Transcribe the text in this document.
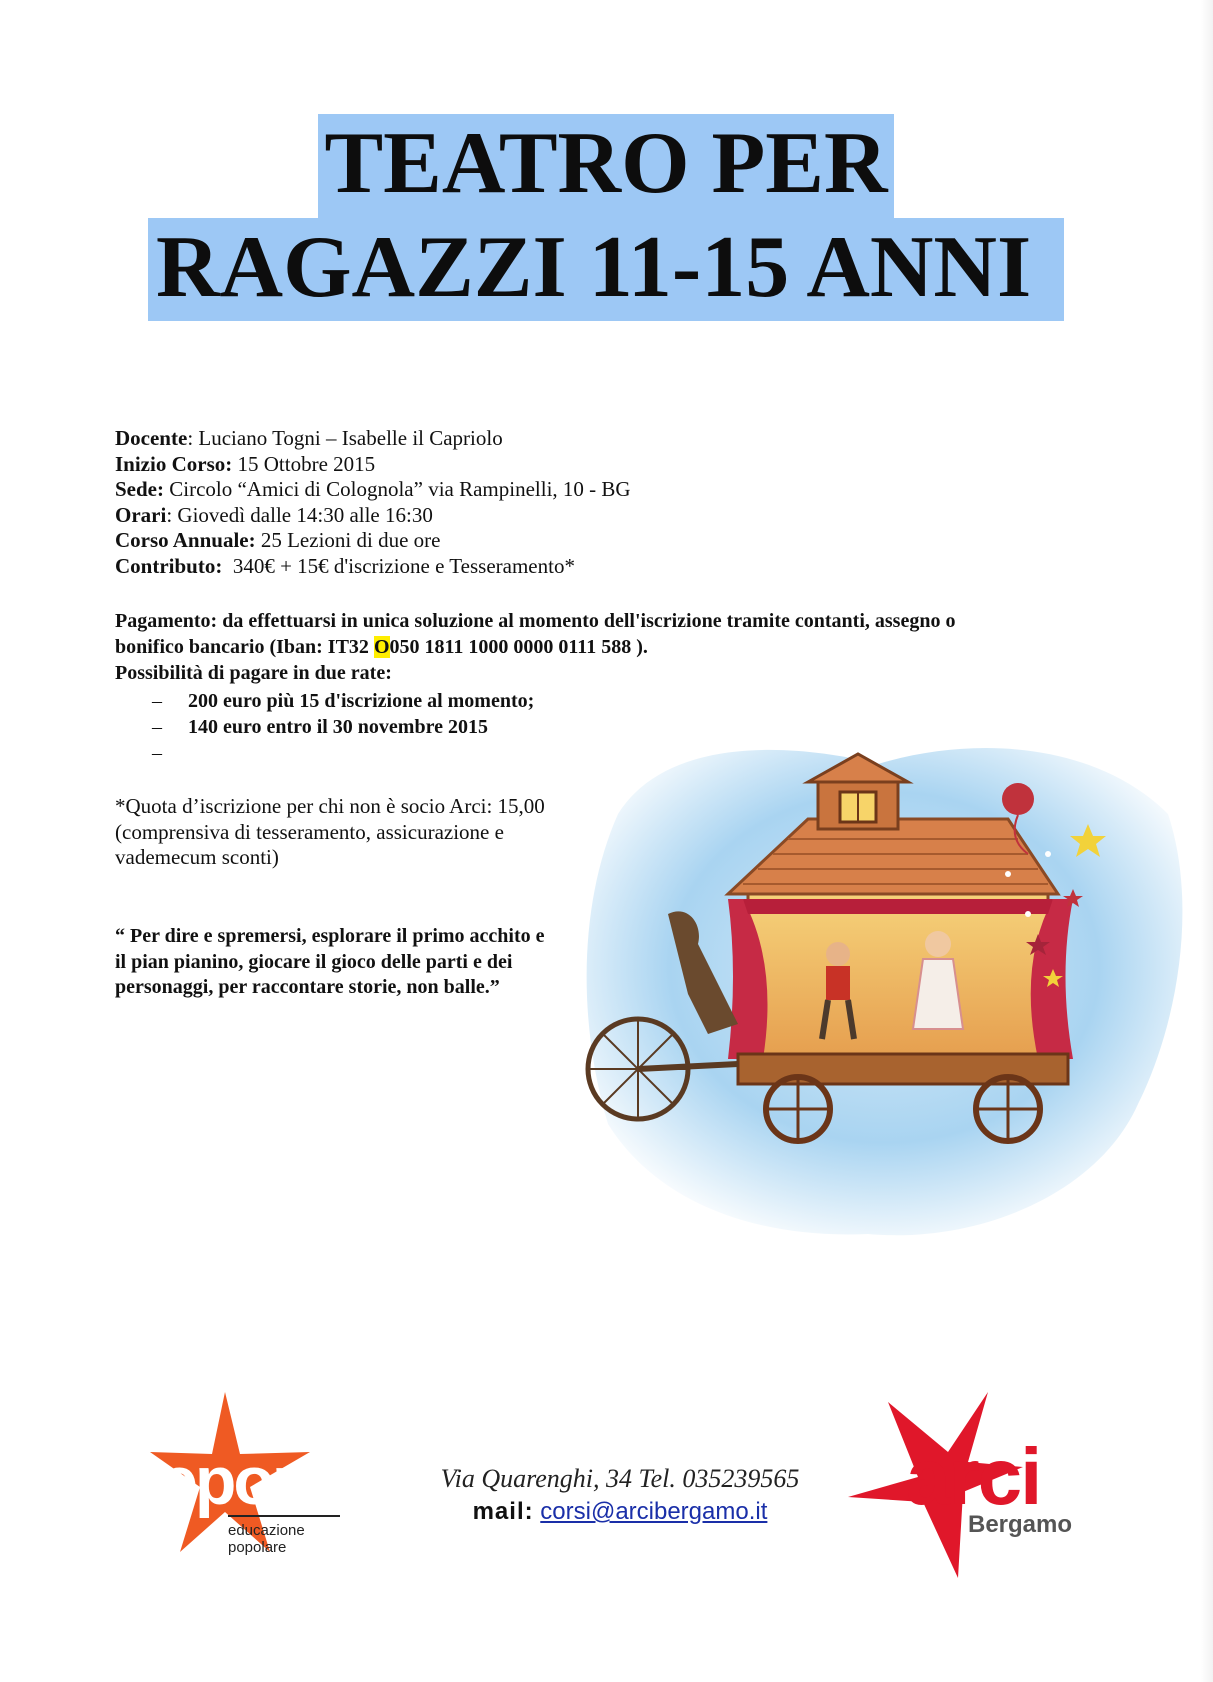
TEATRO PER
RAGAZZI 11-15 ANNI
Docente: Luciano Togni – Isabelle il Capriolo
Inizio Corso: 15 Ottobre 2015
Sede: Circolo “Amici di Colognola” via Rampinelli, 10 - BG
Orari: Giovedì dalle 14:30 alle 16:30
Corso Annuale: 25 Lezioni di due ore
Contributo:  340€ + 15€ d'iscrizione e Tesseramento*
Pagamento: da effettuarsi in unica soluzione al momento dell'iscrizione tramite contanti, assegno o
bonifico bancario (Iban: IT32 O050 1811 1000 0000 0111 588 ).
Possibilità di pagare in due rate:
– 200 euro più 15 d'iscrizione al momento;
– 140 euro entro il 30 novembre 2015
–

*Quota d’iscrizione per chi non è socio Arci: 15,00 (comprensiva di tesseramento, assicurazione e vademecum sconti)
“ Per dire e spremersi, esplorare il primo acchito e il pian pianino, giocare il gioco delle parti e dei personaggi, per raccontare storie, non balle.”
epop
educazione
popolare
Via Quarenghi, 34 Tel. 035239565
mail: corsi@arcibergamo.it	arci
Bergamo
